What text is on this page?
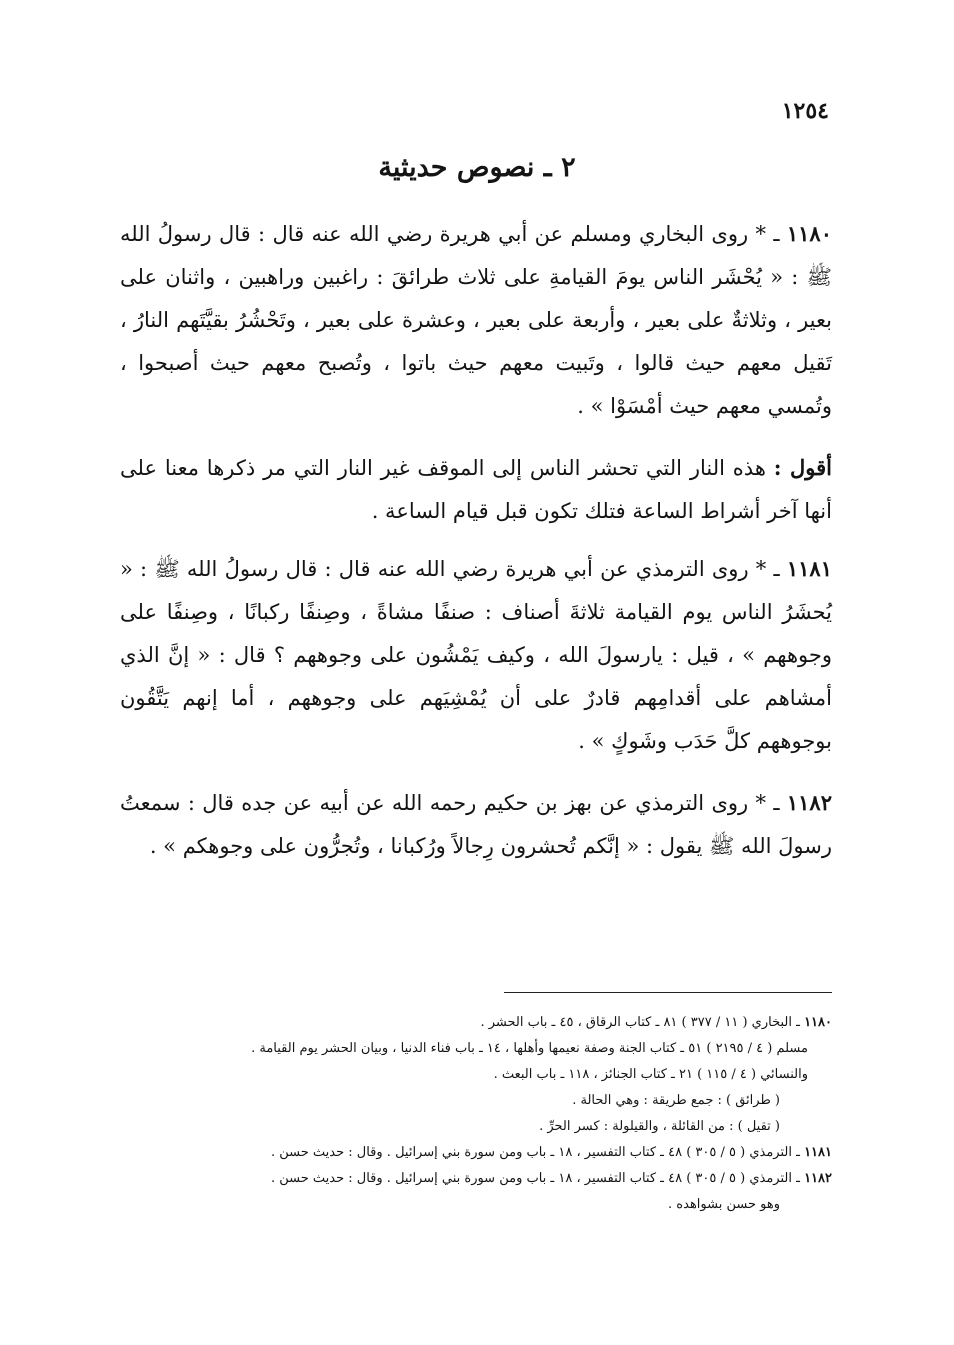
١٢٥٤
٢ ـ نصوص حديثية

١١٨٠ ـ * روى البخاري ومسلم عن أبي هريرة رضي الله عنه قال : قال رسولُ الله ﷺ : « يُحْشَر الناس يومَ القيامةِ على ثلاث طرائقَ : راغبين وراهبين ، واثنان على بعير ، وثلاثةٌ على بعير ، وأربعة على بعير ، وعشرة على بعير ، وتَحْشُرُ بقيَّتَهم النارُ ، تَقيل معهم حيث قالوا ، وتَبيت معهم حيث باتوا ، وتُصبح معهم حيث أصبحوا ، وتُمسي معهم حيث أمْسَوْا » .

أقول : هذه النار التي تحشر الناس إلى الموقف غير النار التي مر ذكرها معنا على أنها آخر أشراط الساعة فتلك تكون قبل قيام الساعة .

١١٨١ ـ * روى الترمذي عن أبي هريرة رضي الله عنه قال : قال رسولُ الله ﷺ : « يُحشَرُ الناس يوم القيامة ثلاثةَ أصناف : صنفًا مشاةً ، وصِنفًا ركبانًا ، وصِنفًا على وجوههم » ، قيل : يارسولَ الله ، وكيف يَمْشُون على وجوههم ؟ قال : « إنَّ الذي أمشاهم على أقدامِهم قادرٌ على أن يُمْشِيَهم على وجوههم ، أما إنهم يَتَّقُون بوجوههم كلَّ حَدَب وشَوكٍ » .

١١٨٢ ـ * روى الترمذي عن بهز بن حكيم رحمه الله عن أبيه عن جده قال : سمعتُ رسولَ الله ﷺ يقول : « إنَّكم تُحشرون رِجالاً ورُكبانا ، وتُجرُّون على وجوهكم » .

١١٨٠ ـ البخاري ( ١١ / ٣٧٧ ) ٨١ ـ كتاب الرقاق ، ٤٥ ـ باب الحشر .
مسلم ( ٤ / ٢١٩٥ ) ٥١ ـ كتاب الجنة وصفة نعيمها وأهلها ، ١٤ ـ باب فناء الدنيا ، وبيان الحشر يوم القيامة .
والنسائي ( ٤ / ١١٥ ) ٢١ ـ كتاب الجنائز ، ١١٨ ـ باب البعث .
( طرائق ) : جمع طريقة : وهي الحالة .
( تقيل ) : من القائلة ، والقيلولة : كسر الحرِّ .
١١٨١ ـ الترمذي ( ٥ / ٣٠٥ ) ٤٨ ـ كتاب التفسير ، ١٨ ـ باب ومن سورة بني إسرائيل . وقال : حديث حسن .
١١٨٢ ـ الترمذي ( ٥ / ٣٠٥ ) ٤٨ ـ كتاب التفسير ، ١٨ ـ باب ومن سورة بني إسرائيل . وقال : حديث حسن .
وهو حسن بشواهده .
